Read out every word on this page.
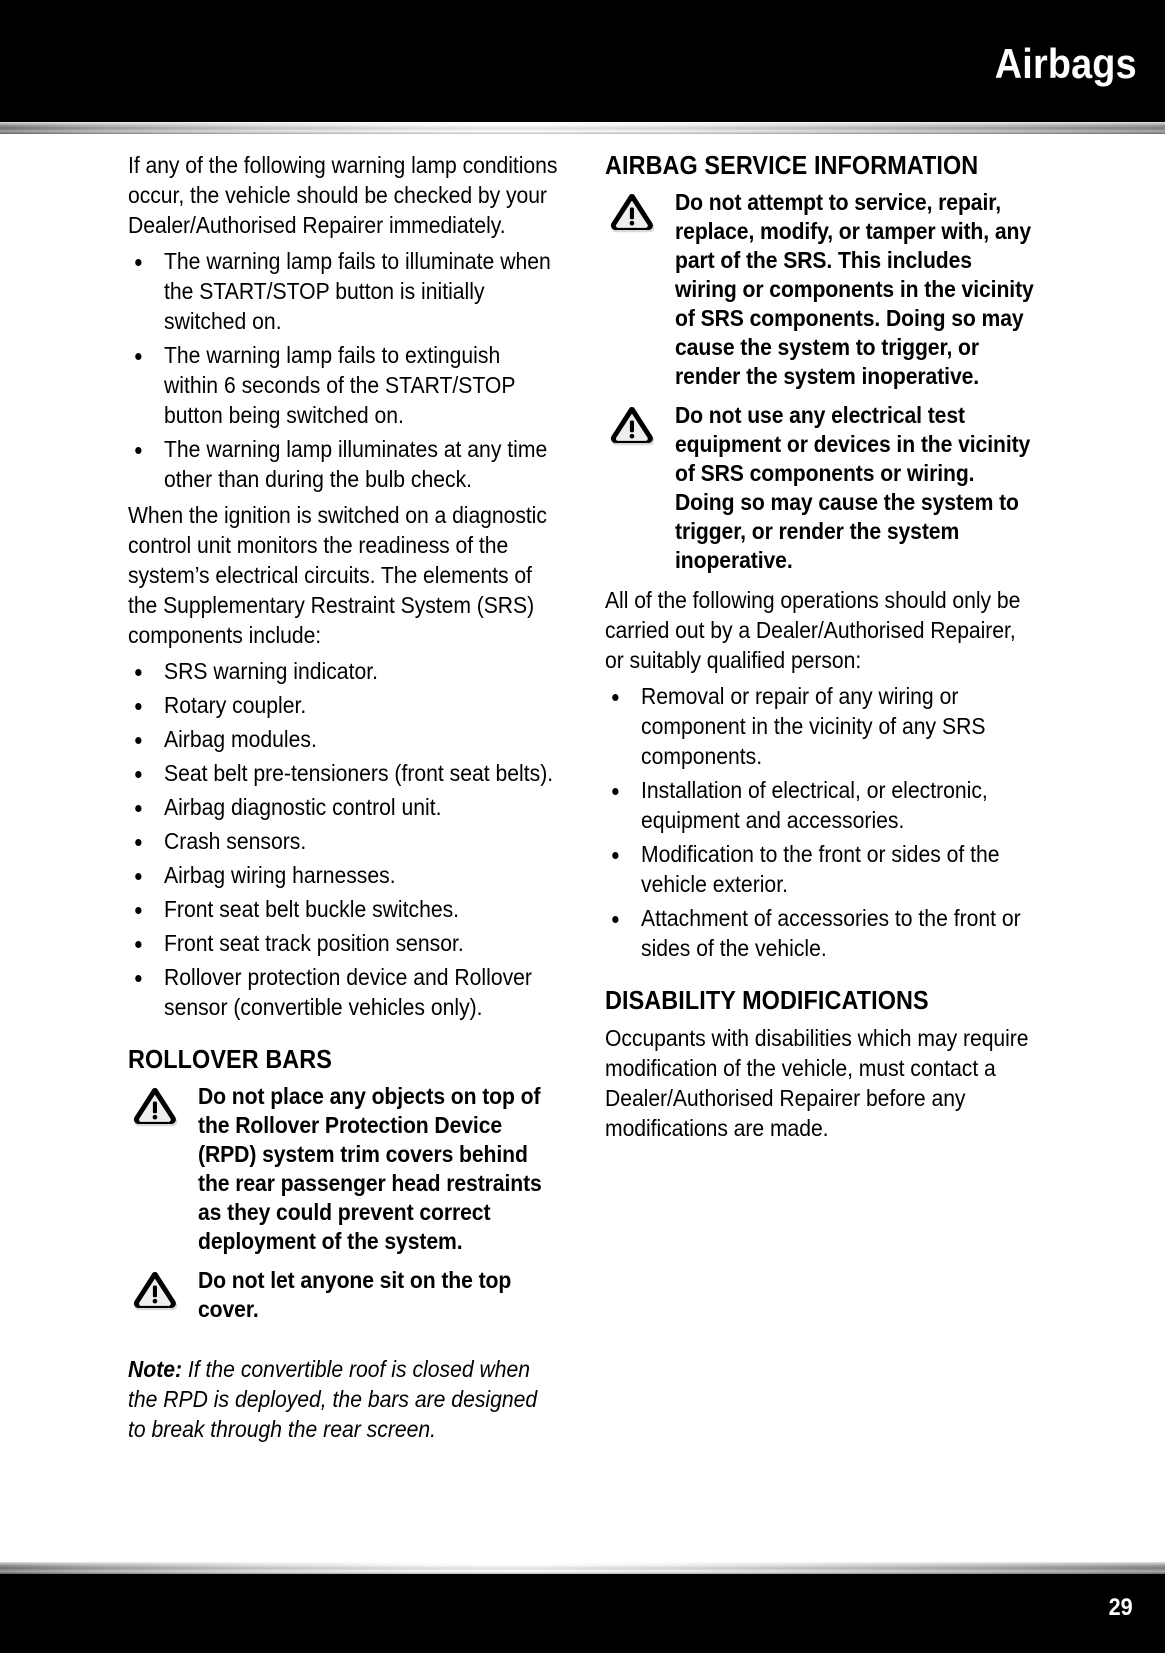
Airbags

If any of the following warning lamp conditions occur, the vehicle should be checked by your Dealer/Authorised Repairer immediately.

The warning lamp fails to illuminate when the START/STOP button is initially switched on.
The warning lamp fails to extinguish within 6 seconds of the START/STOP button being switched on.
The warning lamp illuminates at any time other than during the bulb check.

When the ignition is switched on a diagnostic control unit monitors the readiness of the system’s electrical circuits. The elements of the Supplementary Restraint System (SRS) components include:

SRS warning indicator.
Rotary coupler.
Airbag modules.
Seat belt pre-tensioners (front seat belts).
Airbag diagnostic control unit.
Crash sensors.
Airbag wiring harnesses.
Front seat belt buckle switches.
Front seat track position sensor.
Rollover protection device and Rollover sensor (convertible vehicles only).
ROLLOVER BARS
Do not place any objects on top of the Rollover Protection Device (RPD) system trim covers behind the rear passenger head restraints as they could prevent correct deployment of the system.
Do not let anyone sit on the top cover.

Note: If the convertible roof is closed when the RPD is deployed, the bars are designed to break through the rear screen.

AIRBAG SERVICE INFORMATION
Do not attempt to service, repair, replace, modify, or tamper with, any part of the SRS. This includes wiring or components in the vicinity of SRS components. Doing so may cause the system to trigger, or render the system inoperative.
Do not use any electrical test equipment or devices in the vicinity of SRS components or wiring. Doing so may cause the system to trigger, or render the system inoperative.

All of the following operations should only be carried out by a Dealer/Authorised Repairer, or suitably qualified person:

Removal or repair of any wiring or component in the vicinity of any SRS components.
Installation of electrical, or electronic, equipment and accessories.
Modification to the front or sides of the vehicle exterior.
Attachment of accessories to the front or sides of the vehicle.
DISABILITY MODIFICATIONS

Occupants with disabilities which may require modification of the vehicle, must contact a Dealer/Authorised Repairer before any modifications are made.

29
